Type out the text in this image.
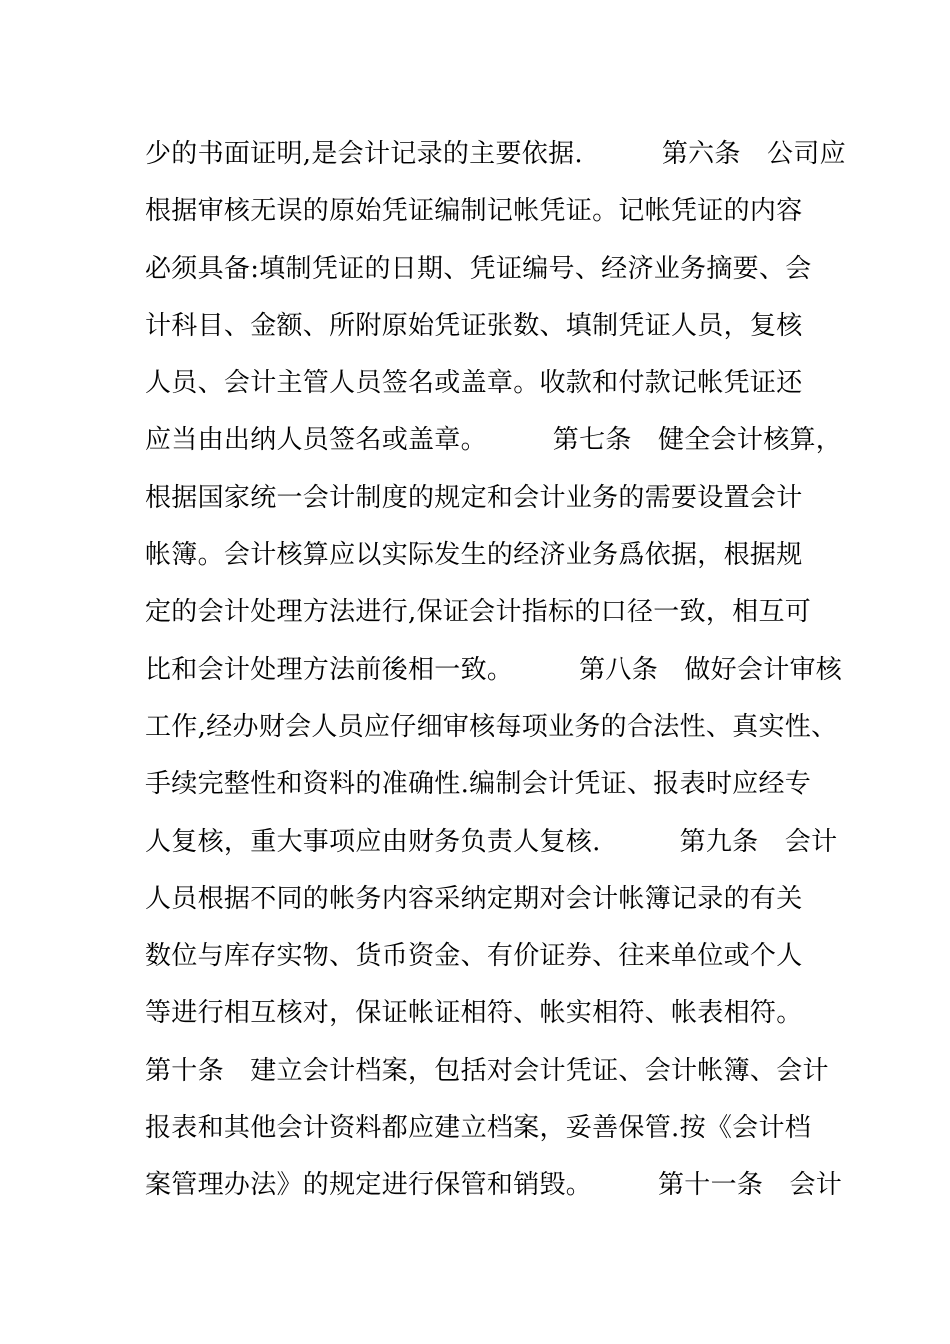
少的书面证明,是会计记录的主要依据.　　　第六条　公司应
根据审核无误的原始凭证编制记帐凭证。记帐凭证的内容
必须具备:填制凭证的日期、凭证编号、经济业务摘要、会
计科目、金额、所附原始凭证张数、填制凭证人员，复核
人员、会计主管人员签名或盖章。收款和付款记帐凭证还
应当由出纳人员签名或盖章。　　　第七条　健全会计核算，
根据国家统一会计制度的规定和会计业务的需要设置会计
帐簿。会计核算应以实际发生的经济业务爲依据，根据规
定的会计处理方法进行,保证会计指标的口径一致，相互可
比和会计处理方法前後相一致。　　　第八条　做好会计审核
工作,经办财会人员应仔细审核每项业务的合法性、真实性、
手续完整性和资料的准确性.编制会计凭证、报表时应经专
人复核，重大事项应由财务负责人复核.　　　第九条　会计
人员根据不同的帐务内容采纳定期对会计帐簿记录的有关
数位与库存实物、货币资金、有价证券、往来单位或个人
等进行相互核对，保证帐证相符、帐实相符、帐表相符。
第十条　建立会计档案，包括对会计凭证、会计帐簿、会计
报表和其他会计资料都应建立档案，妥善保管.按《会计档
案管理办法》的规定进行保管和销毁。　　　第十一条　会计
